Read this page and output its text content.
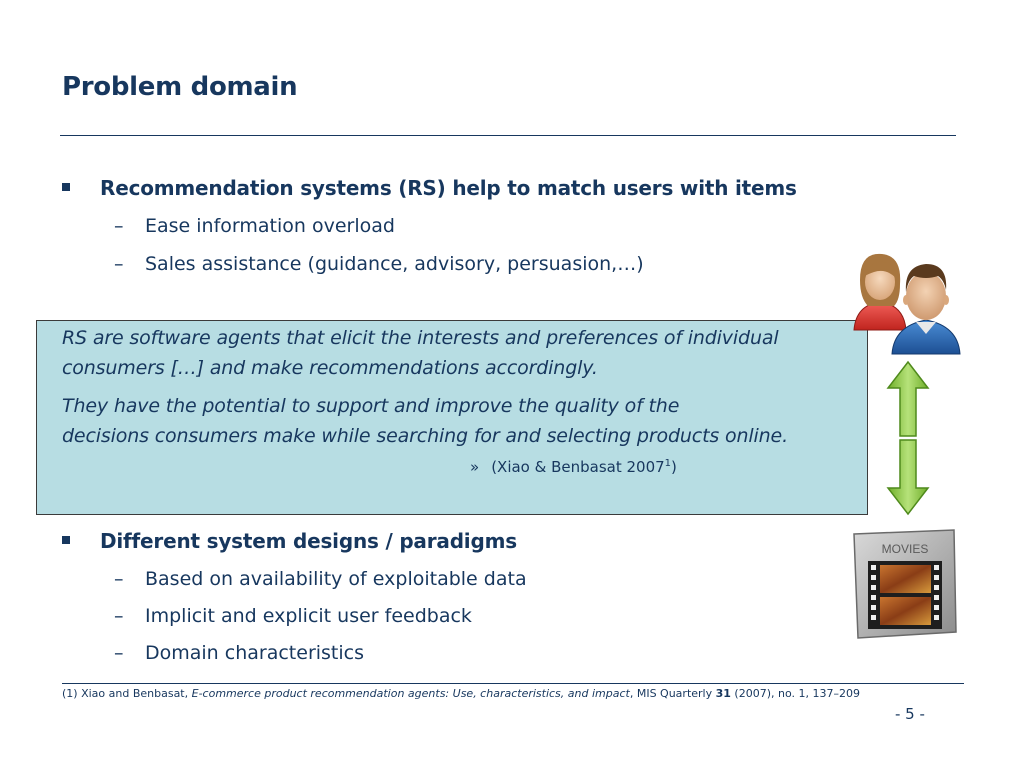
Problem domain
Recommendation systems (RS) help to match users with items
–	Ease information overload
–	Sales assistance (guidance, advisory, persuasion,…)
RS are software agents that elicit the interests and preferences of individual
consumers […] and make recommendations accordingly.
They have the potential to support and improve the quality of the
decisions consumers make while searching for and selecting products online.
» (Xiao & Benbasat 2007$^1$)
Different system designs / paradigms
–	Based on availability of exploitable data
–	Implicit and explicit user feedback
–	Domain characteristics
MOVIES
(1) Xiao and Benbasat, E-commerce product recommendation agents: Use, characteristics, and impact, MIS Quarterly 31 (2007), no. 1, 137–209
- 5 -
